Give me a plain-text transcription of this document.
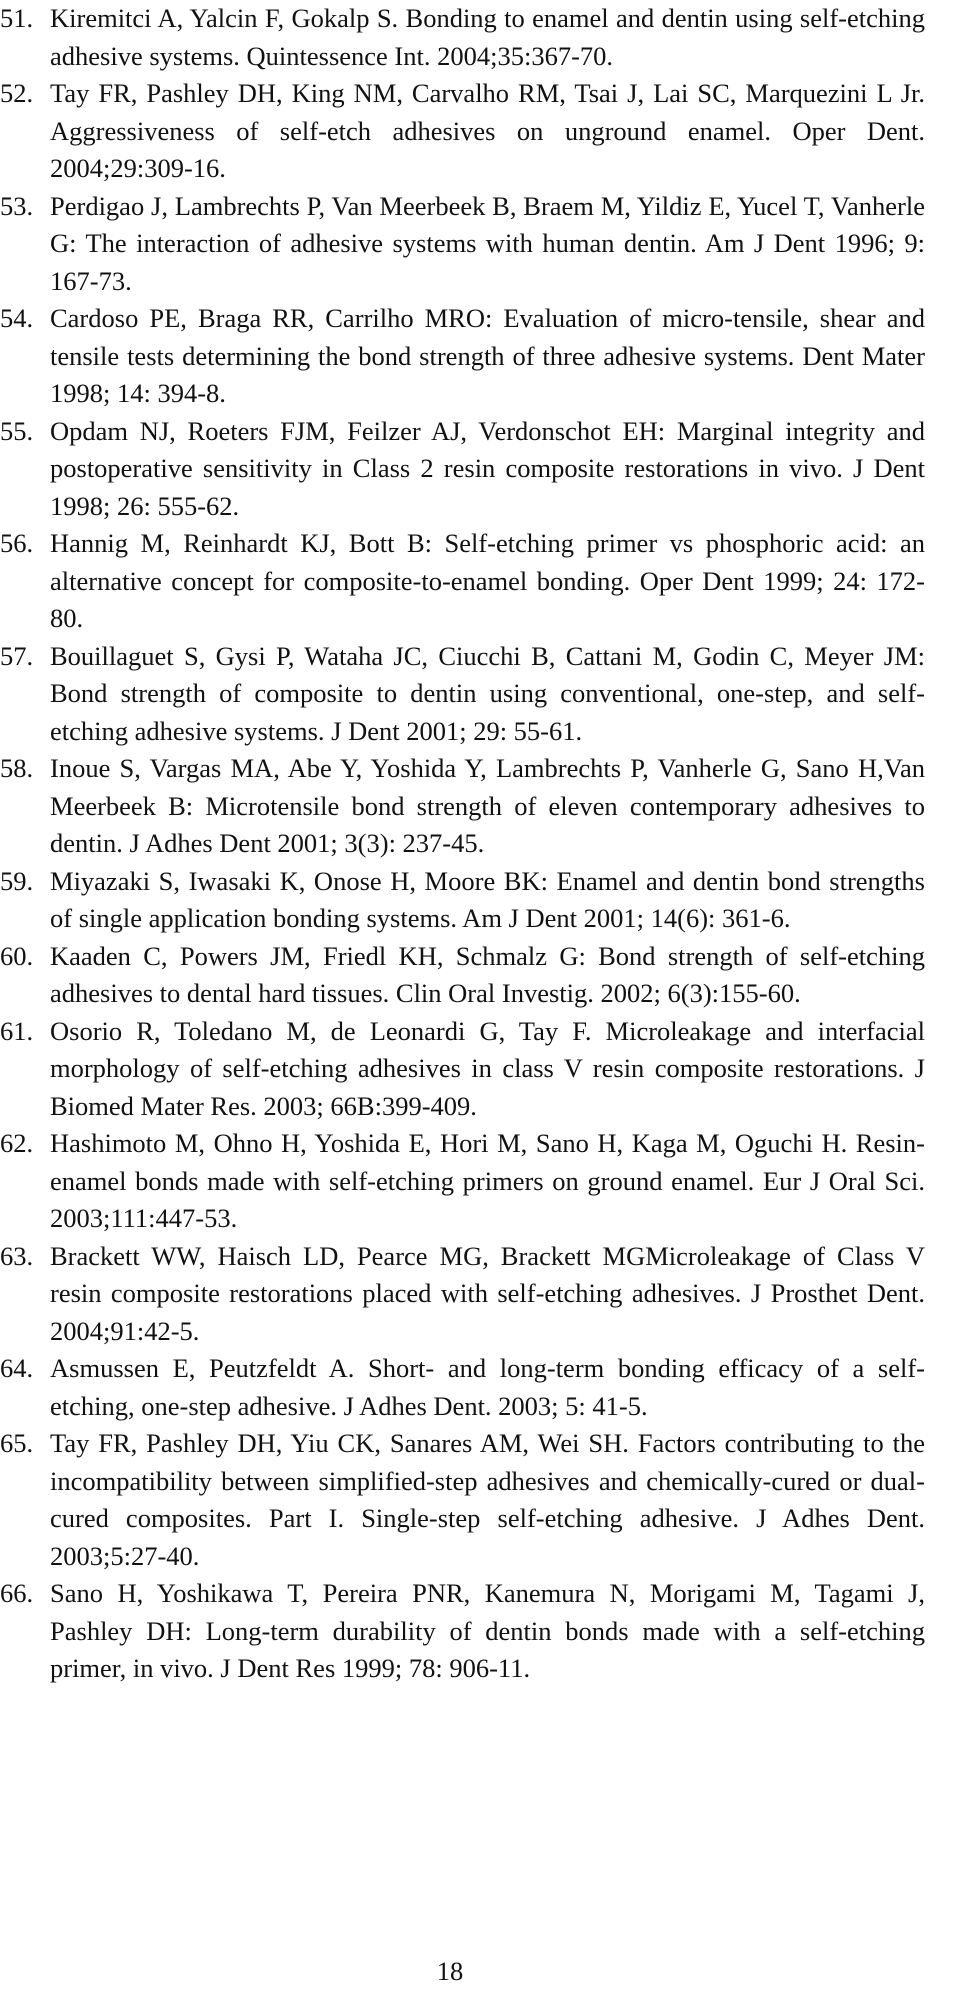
51. Kiremitci A, Yalcin F, Gokalp S. Bonding to enamel and dentin using self-etching adhesive systems. Quintessence Int. 2004;35:367-70.
52. Tay FR, Pashley DH, King NM, Carvalho RM, Tsai J, Lai SC, Marquezini L Jr. Aggressiveness of self-etch adhesives on unground enamel. Oper Dent. 2004;29:309-16.
53. Perdigao J, Lambrechts P, Van Meerbeek B, Braem M, Yildiz E, Yucel T, Vanherle G: The interaction of adhesive systems with human dentin. Am J Dent 1996; 9: 167-73.
54. Cardoso PE, Braga RR, Carrilho MRO: Evaluation of micro-tensile, shear and tensile tests determining the bond strength of three adhesive systems. Dent Mater 1998; 14: 394-8.
55. Opdam NJ, Roeters FJM, Feilzer AJ, Verdonschot EH: Marginal integrity and postoperative sensitivity in Class 2 resin composite restorations in vivo. J Dent 1998; 26: 555-62.
56. Hannig M, Reinhardt KJ, Bott B: Self-etching primer vs phosphoric acid: an alternative concept for composite-to-enamel bonding. Oper Dent 1999; 24: 172-80.
57. Bouillaguet S, Gysi P, Wataha JC, Ciucchi B, Cattani M, Godin C, Meyer JM: Bond strength of composite to dentin using conventional, one-step, and self-etching adhesive systems. J Dent 2001; 29: 55-61.
58. Inoue S, Vargas MA, Abe Y, Yoshida Y, Lambrechts P, Vanherle G, Sano H,Van Meerbeek B: Microtensile bond strength of eleven contemporary adhesives to dentin. J Adhes Dent 2001; 3(3): 237-45.
59. Miyazaki S, Iwasaki K, Onose H, Moore BK: Enamel and dentin bond strengths of single application bonding systems. Am J Dent 2001; 14(6): 361-6.
60. Kaaden C, Powers JM, Friedl KH, Schmalz G: Bond strength of self-etching adhesives to dental hard tissues. Clin Oral Investig. 2002; 6(3):155-60.
61. Osorio R, Toledano M, de Leonardi G, Tay F. Microleakage and interfacial morphology of self-etching adhesives in class V resin composite restorations. J Biomed Mater Res. 2003; 66B:399-409.
62. Hashimoto M, Ohno H, Yoshida E, Hori M, Sano H, Kaga M, Oguchi H. Resin-enamel bonds made with self-etching primers on ground enamel. Eur J Oral Sci. 2003;111:447-53.
63. Brackett WW, Haisch LD, Pearce MG, Brackett MGMicroleakage of Class V resin composite restorations placed with self-etching adhesives. J Prosthet Dent. 2004;91:42-5.
64. Asmussen E, Peutzfeldt A. Short- and long-term bonding efficacy of a self-etching, one-step adhesive. J Adhes Dent. 2003; 5: 41-5.
65. Tay FR, Pashley DH, Yiu CK, Sanares AM, Wei SH. Factors contributing to the incompatibility between simplified-step adhesives and chemically-cured or dual-cured composites. Part I. Single-step self-etching adhesive. J Adhes Dent. 2003;5:27-40.
66. Sano H, Yoshikawa T, Pereira PNR, Kanemura N, Morigami M, Tagami J, Pashley DH: Long-term durability of dentin bonds made with a self-etching primer, in vivo. J Dent Res 1999; 78: 906-11.
18
